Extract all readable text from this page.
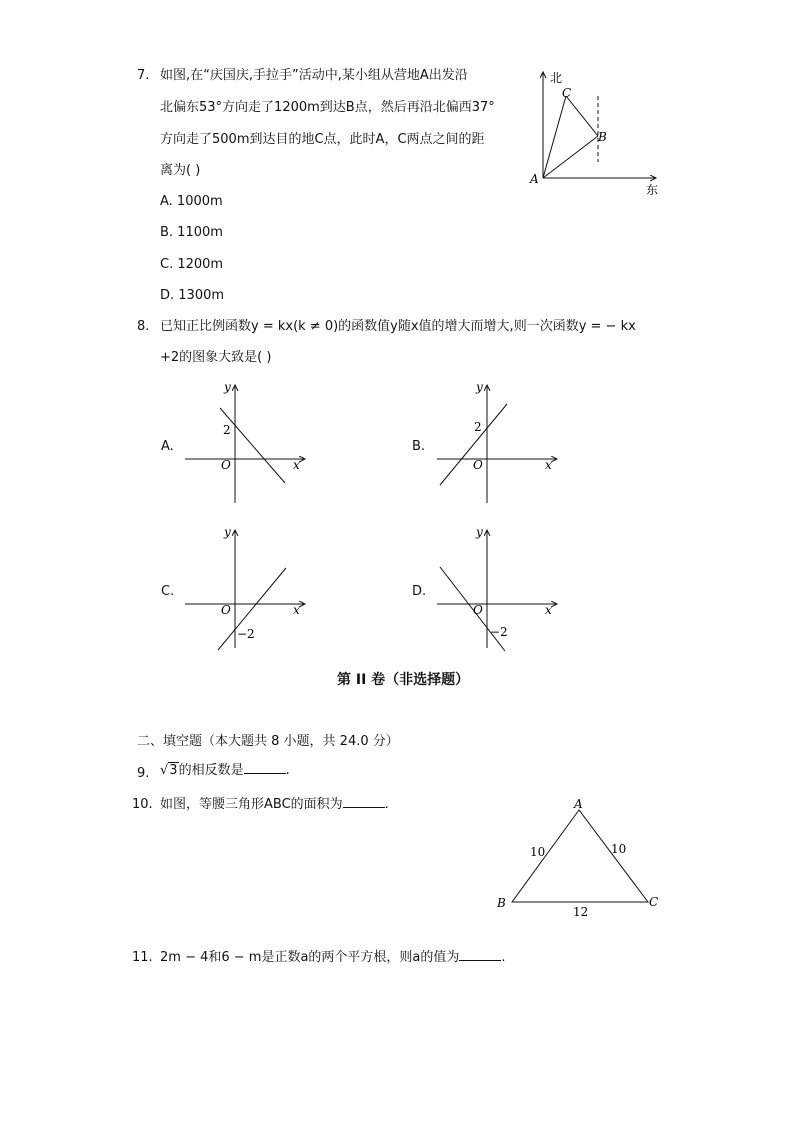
7. 如图,在“庆国庆,手拉手”活动中,某小组从营地A出发沿
北偏东53°方向走了1200m到达B点，然后再沿北偏西37°
方向走了500m到达目的地C点，此时A，C两点之间的距
离为( )
A. 1000m
B. 1100m
C. 1200m
D. 1300m
北
东
A
B
C
8. 已知正比例函数y = kx(k ≠ 0)的函数值y随x值的增大而增大,则一次函数y = − kx
+2的图象大致是( )
A.
y
x
O
2
B.
y
x
O
2
C.
y
x
O
−2
D.
y
x
O
−2
第 II 卷（非选择题）
二、填空题（本大题共 8 小题，共 24.0 分）
9. √3的相反数是	.
10. 如图，等腰三角形ABC的面积为	.	A
B	C
10	10
12
11. 2m − 4和6 − m是正数a的两个平方根，则a的值为	.
